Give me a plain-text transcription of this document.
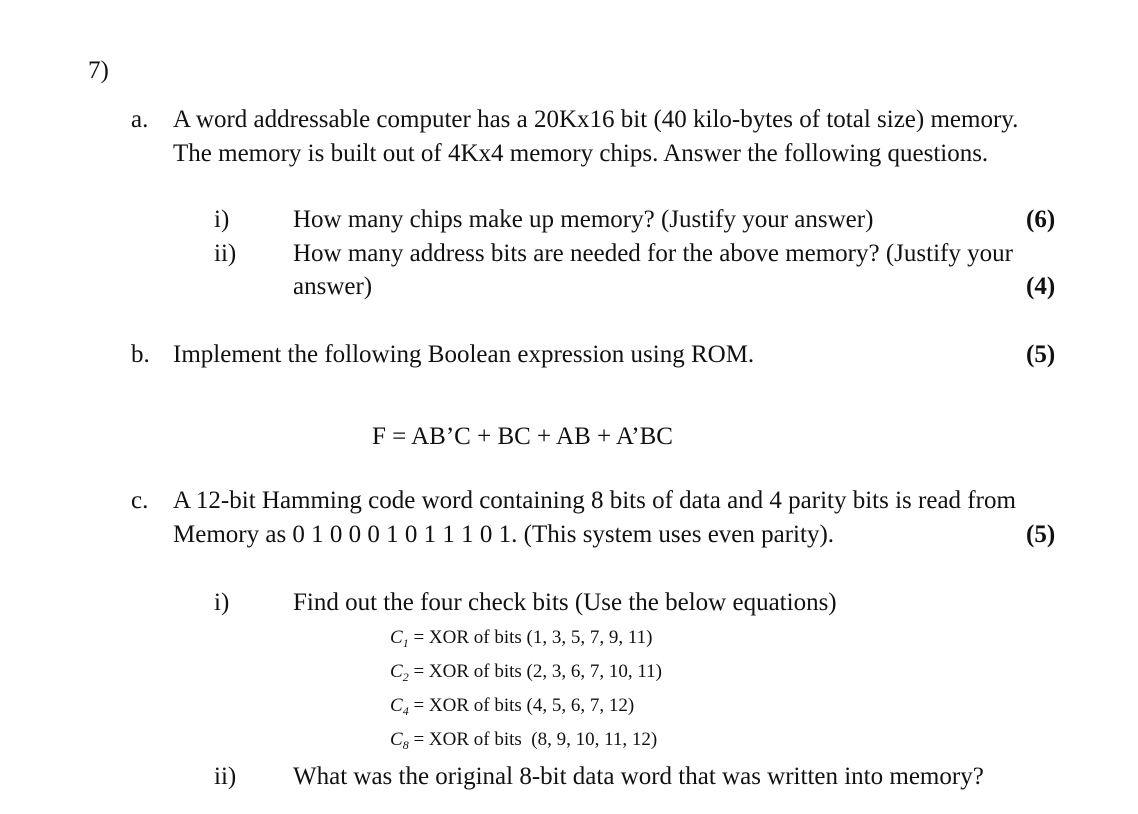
7)
a. A word addressable computer has a 20Kx16 bit (40 kilo-bytes of total size) memory.
The memory is built out of 4Kx4 memory chips. Answer the following questions.
i)	How many chips make up memory? (Justify your answer)	(6)
ii) How many address bits are needed for the above memory? (Justify your
answer)	(4)
b. Implement the following Boolean expression using ROM.	(5)
F = AB’C + BC + AB + A’BC
c. A 12-bit Hamming code word containing 8 bits of data and 4 parity bits is read from
Memory as 0 1 0 0 0 1 0 1 1 1 0 1. (This system uses even parity).	(5)
i)	Find out the four check bits (Use the below equations)
$C_1$ = XOR of bits (1, 3, 5, 7, 9, 11)
$C_2$ = XOR of bits (2, 3, 6, 7, 10, 11)
$C_4$ = XOR of bits (4, 5, 6, 7, 12)
$C_8$ = XOR of bits  (8, 9, 10, 11, 12)
ii) What was the original 8-bit data word that was written into memory?
